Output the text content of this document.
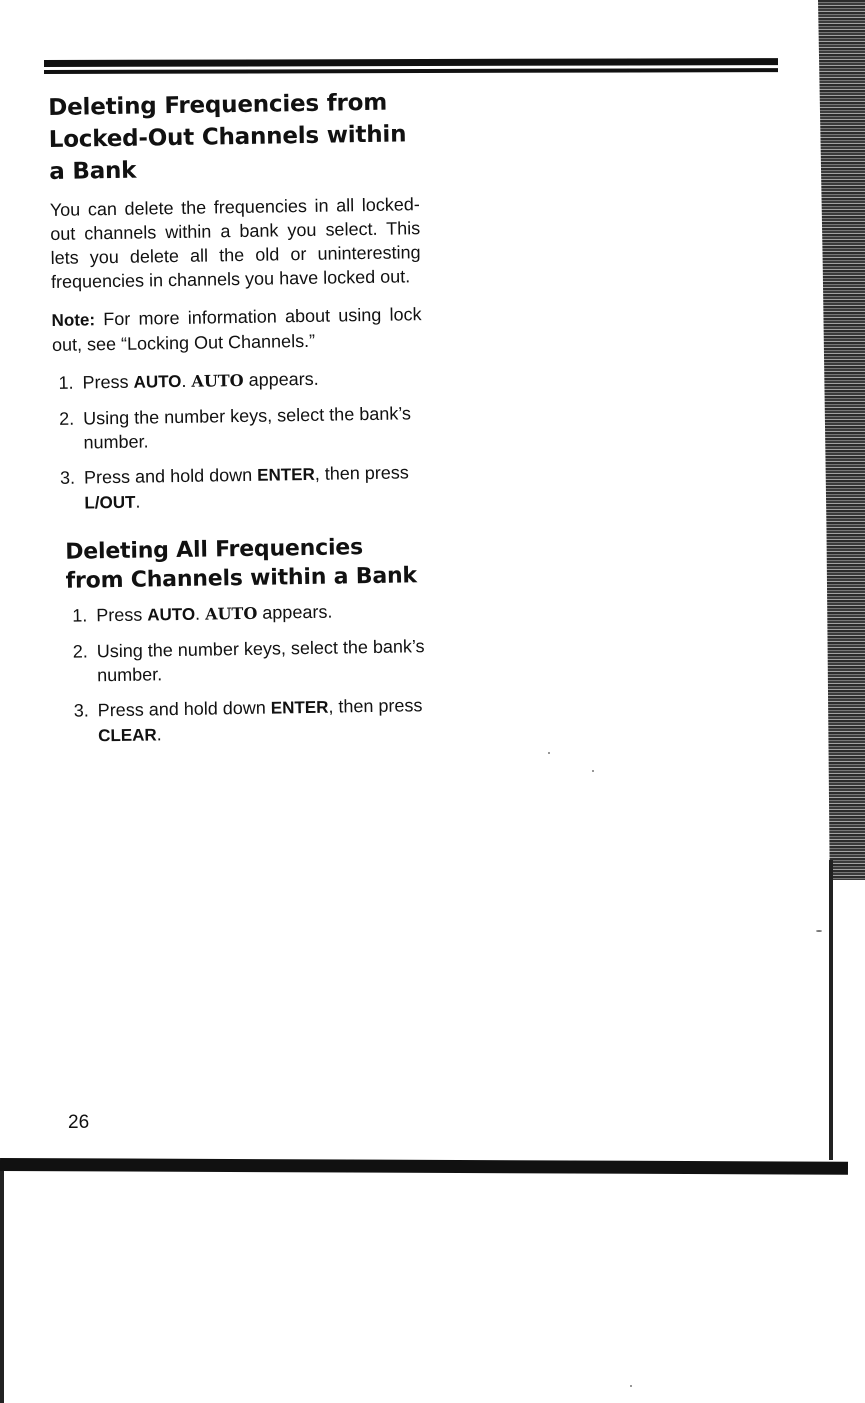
Deleting Frequencies from Locked-Out Channels within a Bank

You can delete the frequencies in all locked-out channels within a bank you select. This lets you delete all the old or uninteresting frequencies in channels you have locked out.

Note: For more information about using lock out, see “Locking Out Channels.”

1. Press AUTO. AUTO appears.
2. Using the number keys, select the bank’s number.
3. Press and hold down ENTER, then press L/OUT.
Deleting All Frequencies from Channels within a Bank
1. Press AUTO. AUTO appears.
2. Using the number keys, select the bank’s number.
3. Press and hold down ENTER, then press CLEAR.
26
